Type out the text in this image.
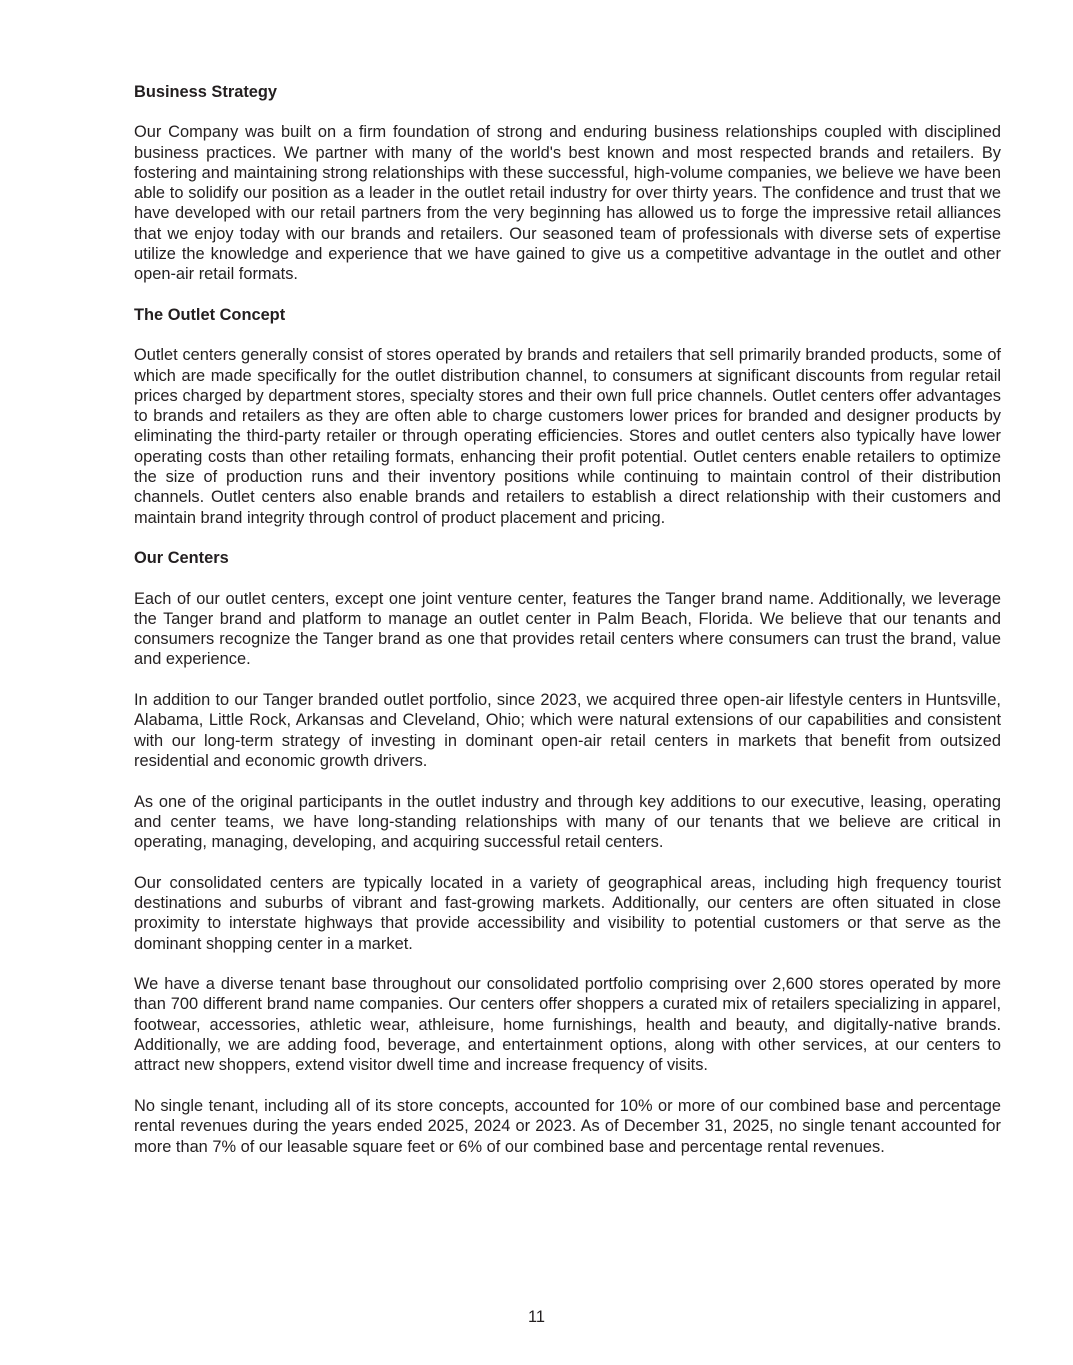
Business Strategy

Our Company was built on a firm foundation of strong and enduring business relationships coupled with disciplined business practices. We partner with many of the world's best known and most respected brands and retailers. By fostering and maintaining strong relationships with these successful, high-volume companies, we believe we have been able to solidify our position as a leader in the outlet retail industry for over thirty years. The confidence and trust that we have developed with our retail partners from the very beginning has allowed us to forge the impressive retail alliances that we enjoy today with our brands and retailers. Our seasoned team of professionals with diverse sets of expertise utilize the knowledge and experience that we have gained to give us a competitive advantage in the outlet and other open-air retail formats.

The Outlet Concept

Outlet centers generally consist of stores operated by brands and retailers that sell primarily branded products, some of which are made specifically for the outlet distribution channel, to consumers at significant discounts from regular retail prices charged by department stores, specialty stores and their own full price channels. Outlet centers offer advantages to brands and retailers as they are often able to charge customers lower prices for branded and designer products by eliminating the third-party retailer or through operating efficiencies. Stores and outlet centers also typically have lower operating costs than other retailing formats, enhancing their profit potential. Outlet centers enable retailers to optimize the size of production runs and their inventory positions while continuing to maintain control of their distribution channels. Outlet centers also enable brands and retailers to establish a direct relationship with their customers and maintain brand integrity through control of product placement and pricing.

Our Centers

Each of our outlet centers, except one joint venture center, features the Tanger brand name. Additionally, we leverage the Tanger brand and platform to manage an outlet center in Palm Beach, Florida. We believe that our tenants and consumers recognize the Tanger brand as one that provides retail centers where consumers can trust the brand, value and experience.

In addition to our Tanger branded outlet portfolio, since 2023, we acquired three open-air lifestyle centers in Huntsville, Alabama, Little Rock, Arkansas and Cleveland, Ohio; which were natural extensions of our capabilities and consistent with our long-term strategy of investing in dominant open-air retail centers in markets that benefit from outsized residential and economic growth drivers.

As one of the original participants in the outlet industry and through key additions to our executive, leasing, operating and center teams, we have long-standing relationships with many of our tenants that we believe are critical in operating, managing, developing, and acquiring successful retail centers.

Our consolidated centers are typically located in a variety of geographical areas, including high frequency tourist destinations and suburbs of vibrant and fast-growing markets. Additionally, our centers are often situated in close proximity to interstate highways that provide accessibility and visibility to potential customers or that serve as the dominant shopping center in a market.

We have a diverse tenant base throughout our consolidated portfolio comprising over 2,600 stores operated by more than 700 different brand name companies. Our centers offer shoppers a curated mix of retailers specializing in apparel, footwear, accessories, athletic wear, athleisure, home furnishings, health and beauty, and digitally-native brands. Additionally, we are adding food, beverage, and entertainment options, along with other services, at our centers to attract new shoppers, extend visitor dwell time and increase frequency of visits.

No single tenant, including all of its store concepts, accounted for 10% or more of our combined base and percentage rental revenues during the years ended 2025, 2024 or 2023. As of December 31, 2025, no single tenant accounted for more than 7% of our leasable square feet or 6% of our combined base and percentage rental revenues.

11
